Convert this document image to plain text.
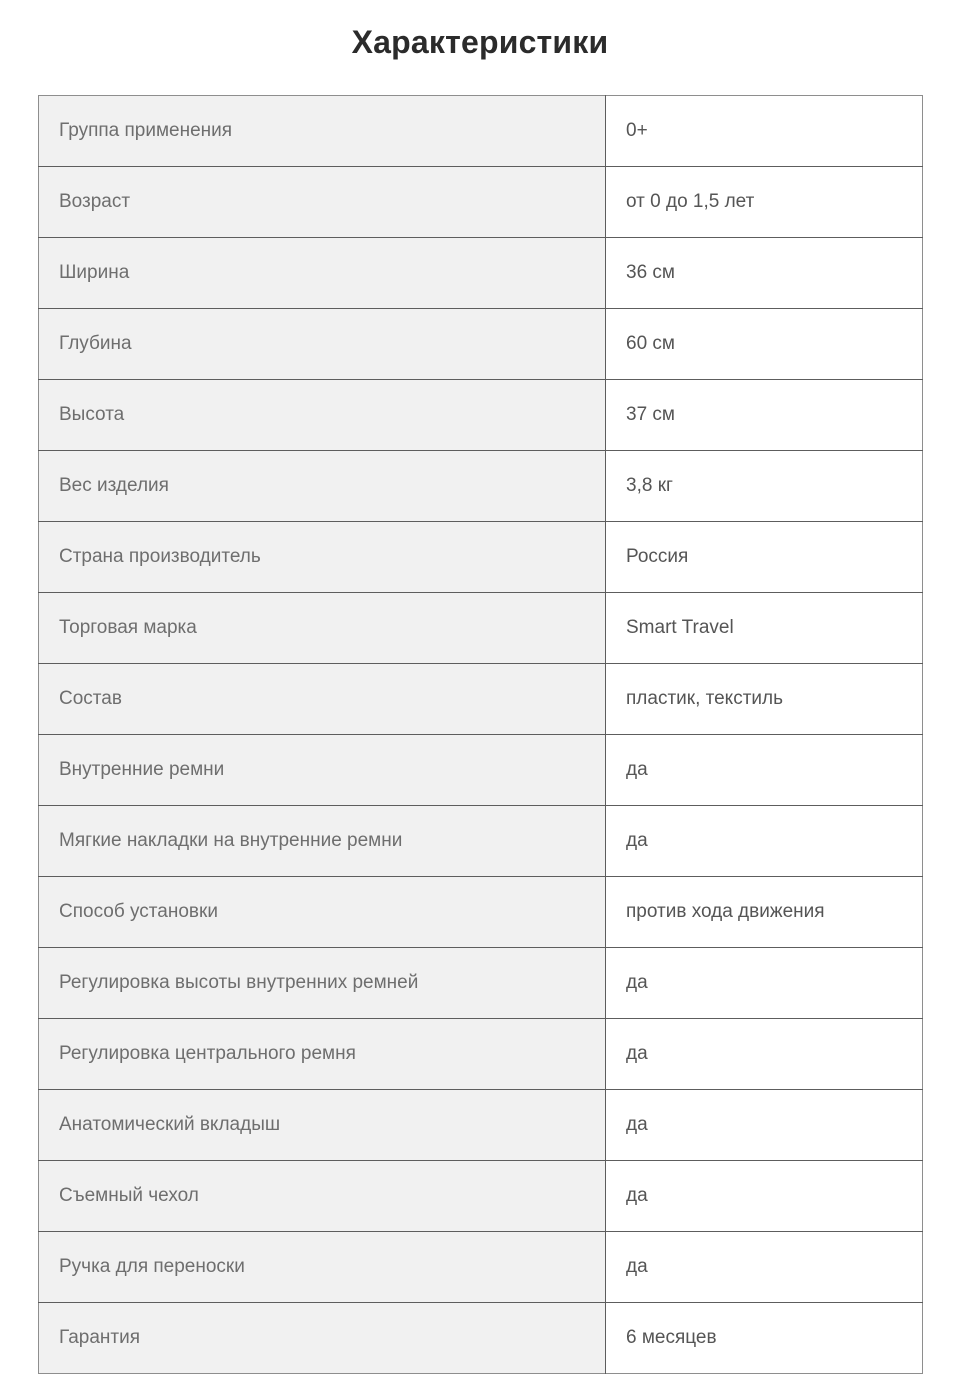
Характеристики
Группа применения	0+
Возраст	от 0 до 1,5 лет
Ширина	36 см
Глубина	60 см
Высота	37 см
Вес изделия	3,8 кг
Страна производитель	Россия
Торговая марка	Smart Travel
Состав	пластик, текстиль
Внутренние ремни	да
Мягкие накладки на внутренние ремни	да
Способ установки	против хода движения
Регулировка высоты внутренних ремней	да
Регулировка центрального ремня	да
Анатомический вкладыш	да
Съемный чехол	да
Ручка для переноски	да
Гарантия	6 месяцев
